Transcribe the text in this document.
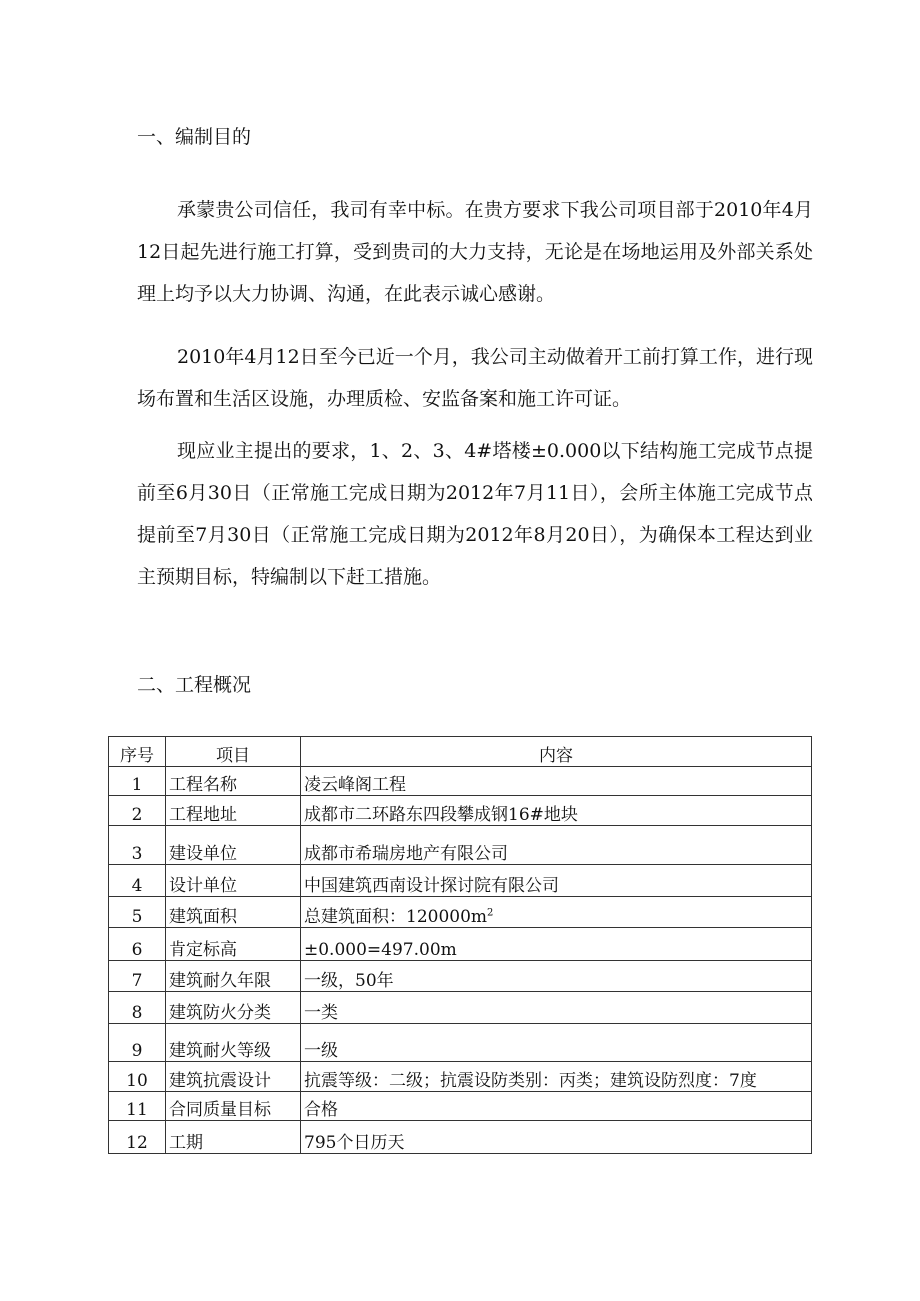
一、编制目的

承蒙贵公司信任，我司有幸中标。在贵方要求下我公司项目部于2010年4月12日起先进行施工打算，受到贵司的大力支持，无论是在场地运用及外部关系处理上均予以大力协调、沟通，在此表示诚心感谢。

2010年4月12日至今已近一个月，我公司主动做着开工前打算工作，进行现场布置和生活区设施，办理质检、安监备案和施工许可证。

现应业主提出的要求，1、2、3、4#塔楼±0.000以下结构施工完成节点提前至6月30日（正常施工完成日期为2012年7月11日），会所主体施工完成节点提前至7月30日（正常施工完成日期为2012年8月20日），为确保本工程达到业主预期目标，特编制以下赶工措施。

二、工程概况
序号	项目	内容
1	工程名称	凌云峰阁工程
2	工程地址	成都市二环路东四段攀成钢16#地块
3	建设单位	成都市希瑞房地产有限公司
4	设计单位	中国建筑西南设计探讨院有限公司
5	建筑面积	总建筑面积：$120000m^2$
6	肯定标高	±0.000=497.00m
7	建筑耐久年限	一级，50年
8	建筑防火分类	一类
9	建筑耐火等级	一级
10	建筑抗震设计	抗震等级：二级；抗震设防类别：丙类；建筑设防烈度：7度
11	合同质量目标	合格
12	工期	795个日历天
